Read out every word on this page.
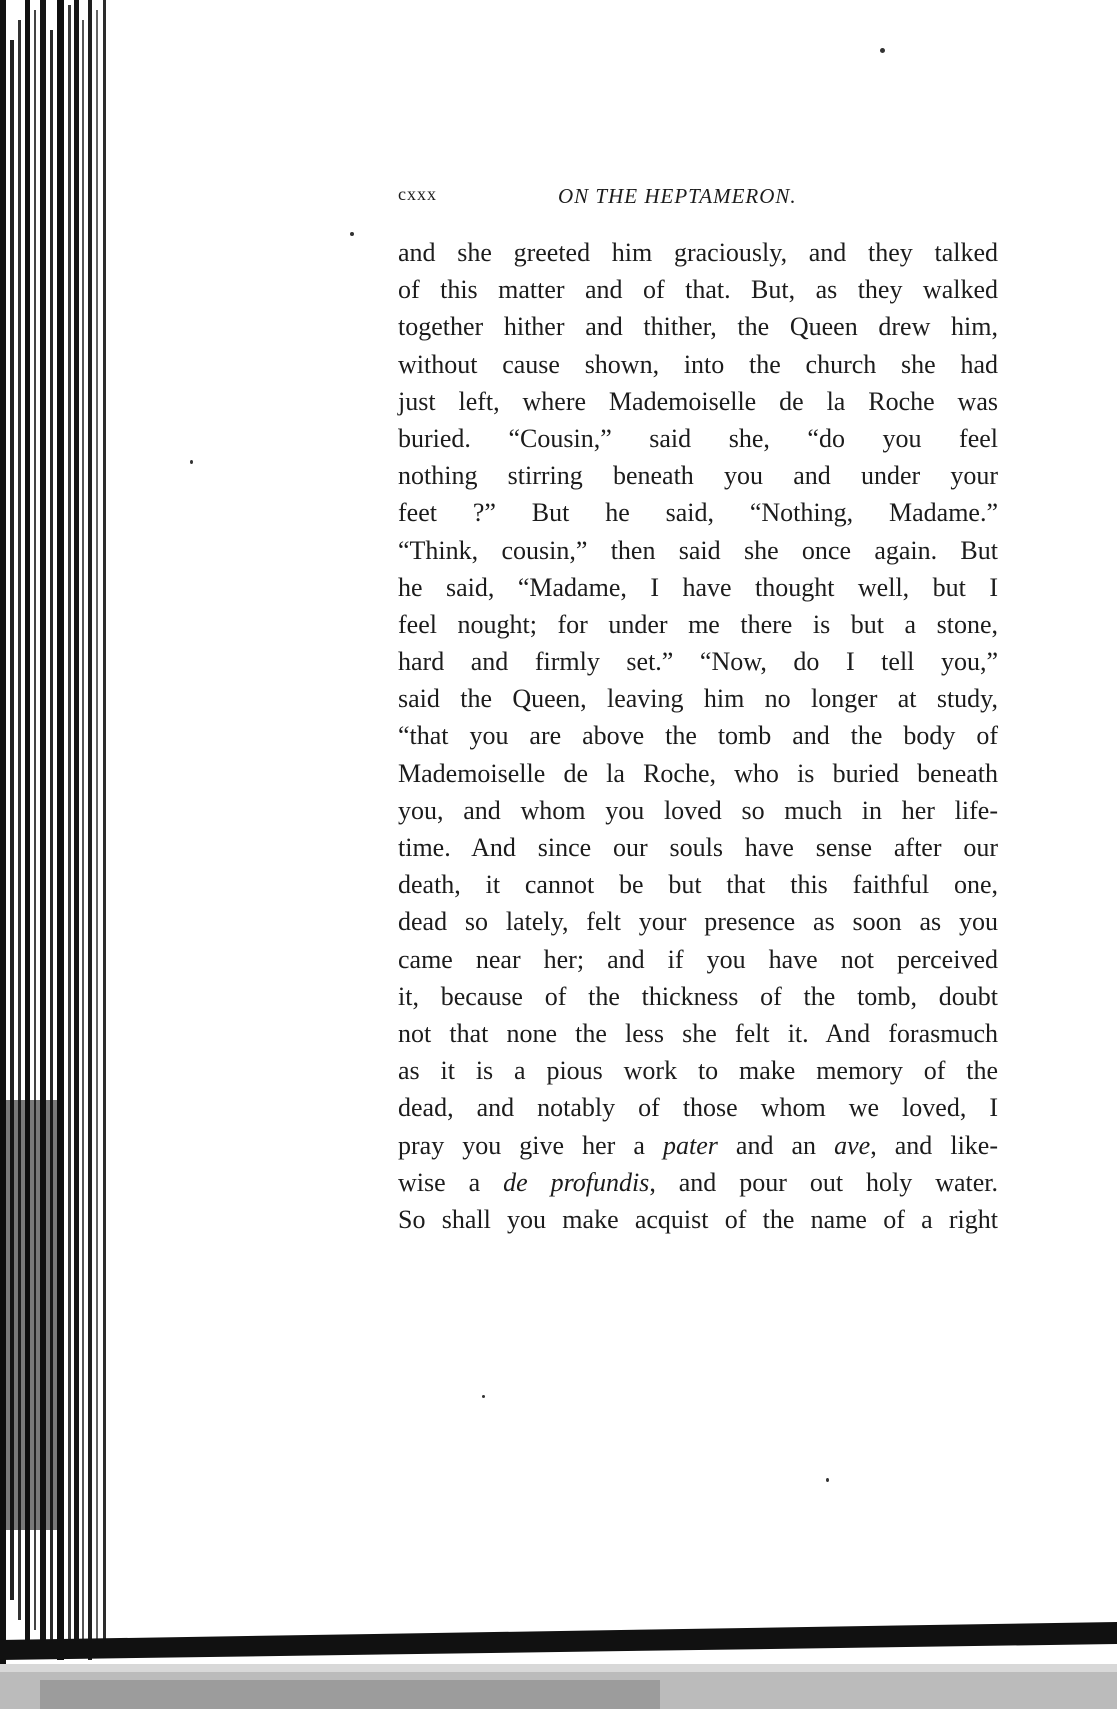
cxxx	ON THE HEPTAMERON.
and she greeted him graciously, and they talked
of this matter and of that. But, as they walked
together hither and thither, the Queen drew him,
without cause shown, into the church she had
just left, where Mademoiselle de la Roche was
buried. “Cousin,” said she, “do you feel
nothing stirring beneath you and under your
feet ?” But he said, “Nothing, Madame.”
“Think, cousin,” then said she once again. But
he said, “Madame, I have thought well, but I
feel nought; for under me there is but a stone,
hard and firmly set.” “Now, do I tell you,”
said the Queen, leaving him no longer at study,
“that you are above the tomb and the body of
Mademoiselle de la Roche, who is buried beneath
you, and whom you loved so much in her life-
time. And since our souls have sense after our
death, it cannot be but that this faithful one,
dead so lately, felt your presence as soon as you
came near her; and if you have not perceived
it, because of the thickness of the tomb, doubt
not that none the less she felt it. And forasmuch
as it is a pious work to make memory of the
dead, and notably of those whom we loved, I
pray you give her a pater and an ave, and like-
wise a de profundis, and pour out holy water.
So shall you make acquist of the name of a right
